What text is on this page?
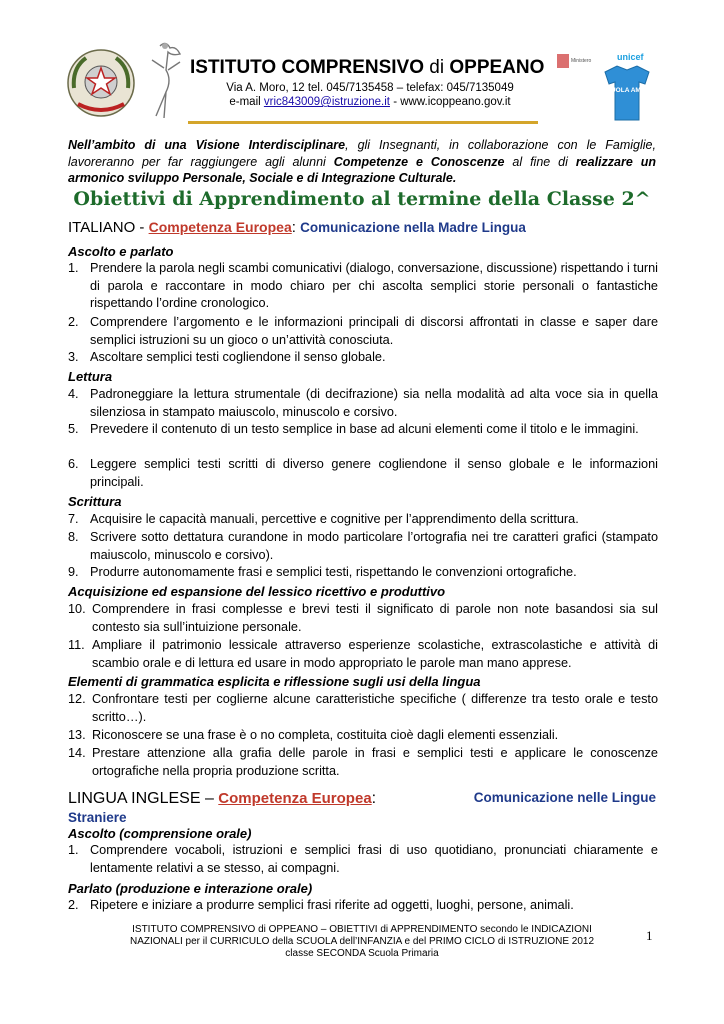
ISTITUTO COMPRENSIVO di OPPEANO
Via A. Moro, 12 tel. 045/7135458 – telefax: 045/7135049
e-mail vric843009@istruzione.it - www.icoppeano.gov.it
Ministero	unicef
SCUOLA AMICA
Nell’ambito di una Visione Interdisciplinare, gli Insegnanti, in collaborazione con le Famiglie, lavoreranno per far raggiungere agli alunni Competenze e Conoscenze al fine di realizzare un armonico sviluppo Personale, Sociale e di Integrazione Culturale.
Obiettivi di Apprendimento al termine della Classe 2^
ITALIANO - Competenza Europea: Comunicazione nella Madre Lingua
Ascolto e parlato
1. Prendere la parola negli scambi comunicativi (dialogo, conversazione, discussione) rispettando i turni di parola e raccontare in modo chiaro per chi ascolta semplici storie personali o fantastiche rispettando l’ordine cronologico.
2. Comprendere l’argomento e le informazioni principali di discorsi affrontati in classe e saper dare semplici istruzioni su un gioco o un’attività conosciuta.
3. Ascoltare semplici testi cogliendone il senso globale.
Lettura
4. Padroneggiare la lettura strumentale (di decifrazione) sia nella modalità ad alta voce sia in quella silenziosa in stampato maiuscolo, minuscolo e corsivo.
5. Prevedere il contenuto di un testo semplice in base ad alcuni elementi come il titolo e le immagini.
6. Leggere semplici testi scritti di diverso genere cogliendone il senso globale e le informazioni principali.
Scrittura
7. Acquisire le capacità manuali, percettive e cognitive per l’apprendimento della scrittura.
8. Scrivere sotto dettatura curandone in modo particolare l’ortografia nei tre caratteri grafici (stampato maiuscolo, minuscolo e corsivo).
9. Produrre autonomamente frasi e semplici testi, rispettando le convenzioni ortografiche.
Acquisizione ed espansione del lessico ricettivo e produttivo
10. Comprendere in frasi complesse e brevi testi il significato di parole non note basandosi sia sul contesto sia sull’intuizione personale.
11. Ampliare il patrimonio lessicale attraverso esperienze scolastiche, extrascolastiche e attività di scambio orale e di lettura ed usare in modo appropriato le parole man mano apprese.
Elementi di grammatica esplicita e riflessione sugli usi della lingua
12. Confrontare testi per coglierne alcune caratteristiche specifiche ( differenze tra testo orale e testo scritto…).
13. Riconoscere se una frase è o no completa, costituita cioè dagli elementi essenziali.
14. Prestare attenzione alla grafia delle parole in frasi e semplici testi e applicare le conoscenze ortografiche nella propria produzione scritta.
LINGUA INGLESE – Competenza Europea:	Comunicazione nelle Lingue
Straniere
Ascolto (comprensione orale)
1. Comprendere vocaboli, istruzioni e semplici frasi di uso quotidiano, pronunciati chiaramente e lentamente relativi a se stesso, ai compagni.
Parlato (produzione e interazione orale)
2. Ripetere e iniziare a produrre semplici frasi riferite ad oggetti, luoghi, persone, animali.
ISTITUTO COMPRENSIVO di OPPEANO – OBIETTIVI di APPRENDIMENTO secondo le INDICAZIONI
NAZIONALI per il CURRICULO della SCUOLA dell’INFANZIA e del PRIMO CICLO di ISTRUZIONE 2012
classe SECONDA Scuola Primaria
1
